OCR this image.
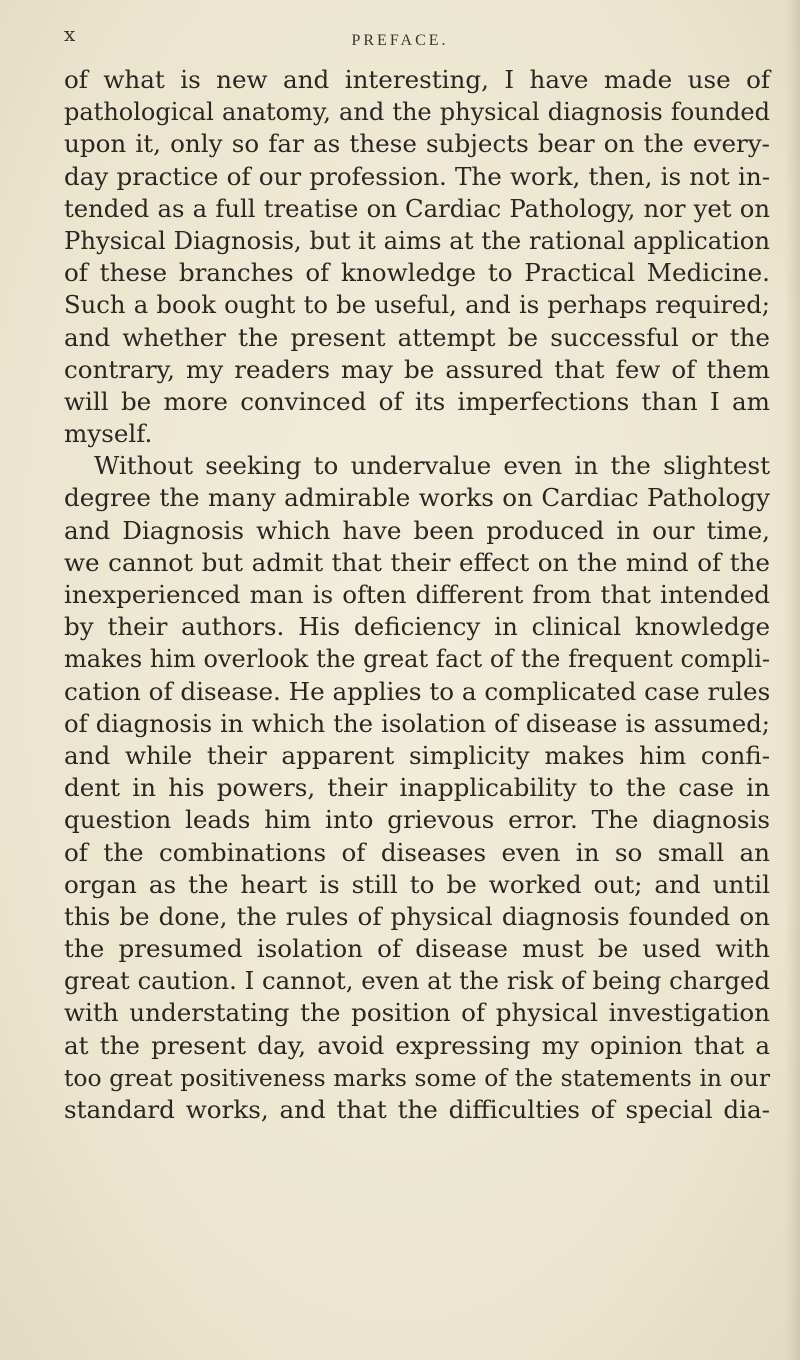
x	PREFACE.
of what is new and interesting, I have made use of
pathological anatomy, and the physical diagnosis founded
upon it, only so far as these subjects bear on the every-
day practice of our profession. The work, then, is not in-
tended as a full treatise on Cardiac Pathology, nor yet on
Physical Diagnosis, but it aims at the rational application
of these branches of knowledge to Practical Medicine.
Such a book ought to be useful, and is perhaps required;
and whether the present attempt be successful or the
contrary, my readers may be assured that few of them
will be more convinced of its imperfections than I am
myself.
Without seeking to undervalue even in the slightest
degree the many admirable works on Cardiac Pathology
and Diagnosis which have been produced in our time,
we cannot but admit that their effect on the mind of the
inexperienced man is often different from that intended
by their authors. His deficiency in clinical knowledge
makes him overlook the great fact of the frequent compli-
cation of disease. He applies to a complicated case rules
of diagnosis in which the isolation of disease is assumed;
and while their apparent simplicity makes him confi-
dent in his powers, their inapplicability to the case in
question leads him into grievous error. The diagnosis
of the combinations of diseases even in so small an
organ as the heart is still to be worked out; and until
this be done, the rules of physical diagnosis founded on
the presumed isolation of disease must be used with
great caution. I cannot, even at the risk of being charged
with understating the position of physical investigation
at the present day, avoid expressing my opinion that a
too great positiveness marks some of the statements in our
standard works, and that the difficulties of special dia-
